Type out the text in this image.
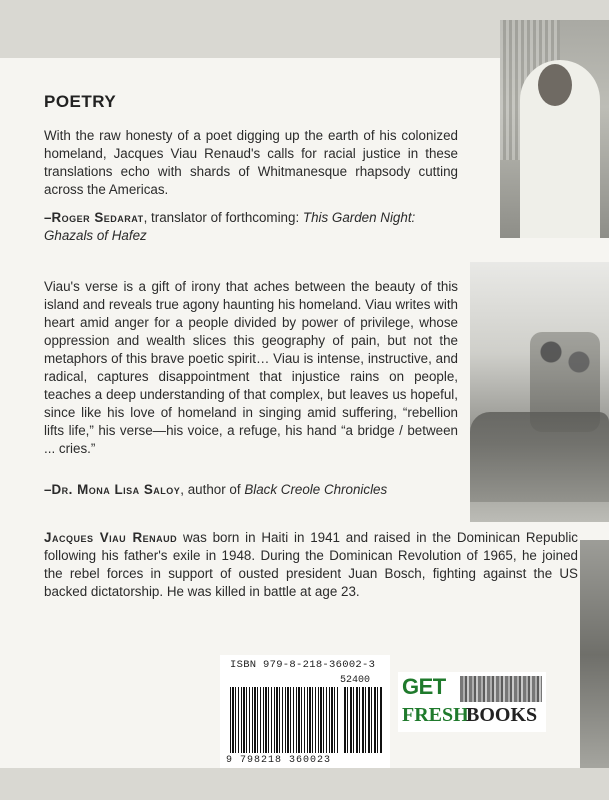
POETRY
With the raw honesty of a poet digging up the earth of his colonized homeland, Jacques Viau Renaud's calls for racial justice in these translations echo with shards of Whitmanesque rhapsody cutting across the Americas.
–Roger Sedarat, translator of forthcoming: This Garden Night: Ghazals of Hafez
Viau's verse is a gift of irony that aches between the beauty of this island and reveals true agony haunting his homeland. Viau writes with heart amid anger for a people divided by power of privilege, whose oppression and wealth slices this geography of pain, but not the metaphors of this brave poetic spirit… Viau is intense, instructive, and radical, captures disappointment that injustice rains on people, teaches a deep understanding of that complex, but leaves us hopeful, since like his love of homeland in singing amid suffering, “rebellion lifts life,” his verse—his voice, a refuge, his hand “a bridge / between ... cries.”
–Dr. Mona Lisa Saloy, author of Black Creole Chronicles
Jacques Viau Renaud was born in Haiti in 1941 and raised in the Dominican Republic following his father's exile in 1948. During the Dominican Revolution of 1965, he joined the rebel forces in support of ousted president Juan Bosch, fighting against the US backed dictatorship. He was killed in battle at age 23.
ISBN 979-8-218-36002-3
52400
9 798218 360023
GET
FRESH
BOOKS
